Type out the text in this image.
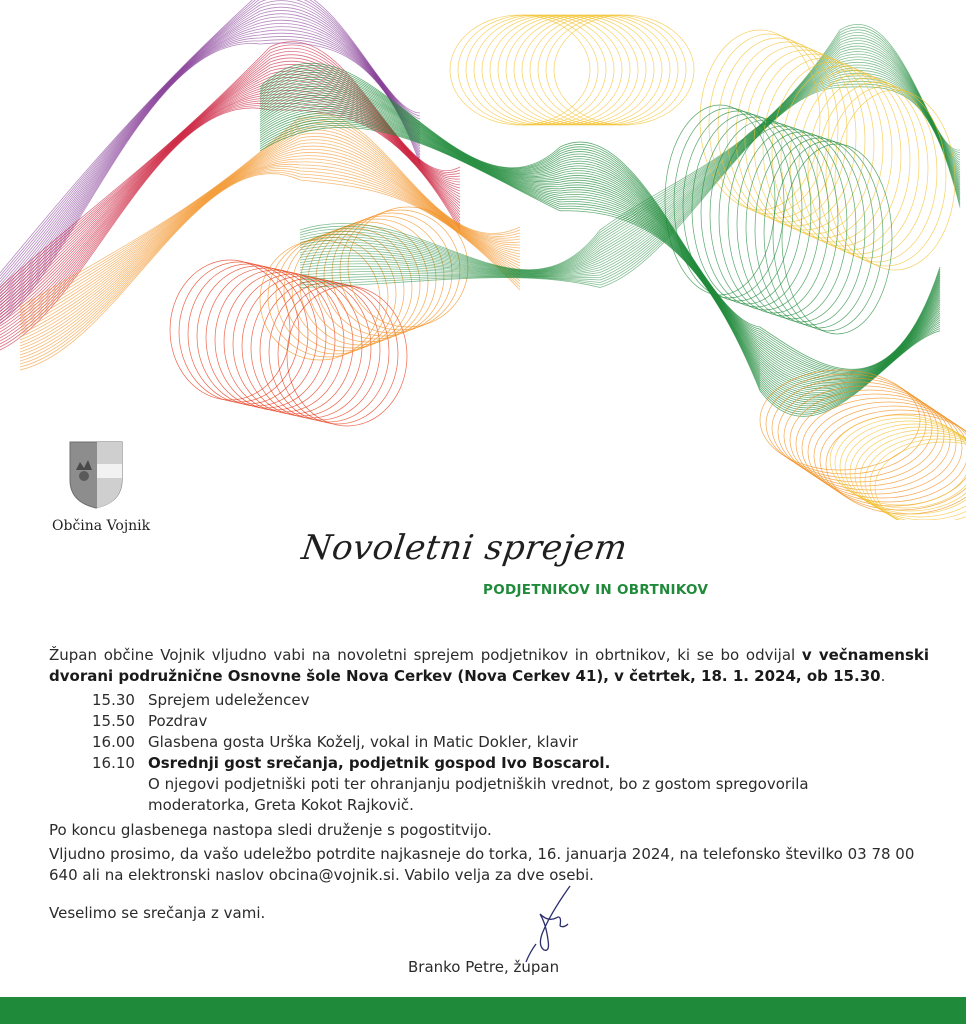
Občina Vojnik
Novoletni sprejem
PODJETNIKOV IN OBRTNIKOV
Župan občine Vojnik vljudno vabi na novoletni sprejem podjetnikov in obrtnikov, ki se bo odvijal v večnamenski dvorani podružnične Osnovne šole Nova Cerkev (Nova Cerkev 41), v četrtek, 18. 1. 2024, ob 15.30.
15.30 Sprejem udeležencev
15.50 Pozdrav
16.00 Glasbena gosta Urška Koželj, vokal in Matic Dokler, klavir
16.10 Osrednji gost srečanja, podjetnik gospod Ivo Boscarol.
O njegovi podjetniški poti ter ohranjanju podjetniških vrednot, bo z gostom spregovorila moderatorka, Greta Kokot Rajkovič.
Po koncu glasbenega nastopa sledi druženje s pogostitvijo.
Vljudno prosimo, da vašo udeležbo potrdite najkasneje do torka, 16. januarja 2024, na telefonsko številko 03 78 00 640 ali na elektronski naslov obcina@vojnik.si. Vabilo velja za dve osebi.
Veselimo se srečanja z vami.
Branko Petre, župan
